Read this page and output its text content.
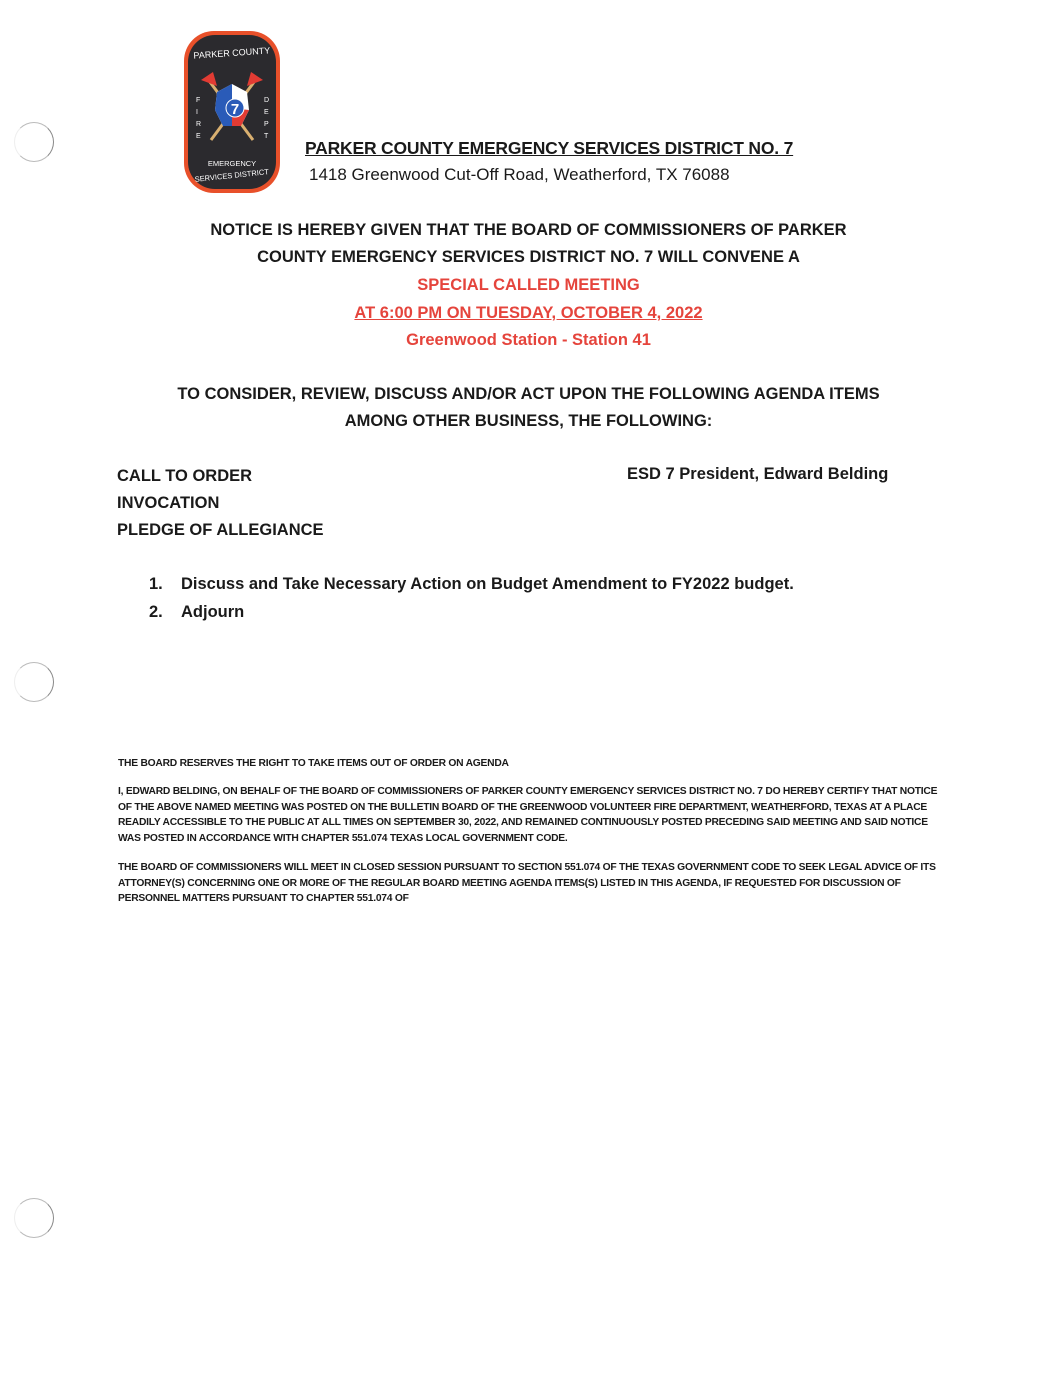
PARKER COUNTY
7
F
I
R
E
D
E
P
T
EMERGENCY
SERVICES DISTRICT
PARKER COUNTY EMERGENCY SERVICES DISTRICT NO. 7
1418 Greenwood Cut-Off Road, Weatherford, TX 76088
NOTICE IS HEREBY GIVEN THAT THE BOARD OF COMMISSIONERS OF PARKER
COUNTY EMERGENCY SERVICES DISTRICT NO. 7 WILL CONVENE A
SPECIAL CALLED MEETING
AT 6:00 PM ON TUESDAY, OCTOBER 4, 2022
Greenwood Station - Station 41
TO CONSIDER, REVIEW, DISCUSS AND/OR ACT UPON THE FOLLOWING AGENDA ITEMS
AMONG OTHER BUSINESS, THE FOLLOWING:
CALL TO ORDER
INVOCATION
PLEDGE OF ALLEGIANCE
ESD 7 President, Edward Belding
1. Discuss and Take Necessary Action on Budget Amendment to FY2022 budget.
2. Adjourn
THE BOARD RESERVES THE RIGHT TO TAKE ITEMS OUT OF ORDER ON AGENDA
I, EDWARD BELDING, ON BEHALF OF THE BOARD OF COMMISSIONERS OF PARKER COUNTY EMERGENCY SERVICES DISTRICT NO. 7 DO HEREBY CERTIFY THAT NOTICE OF THE ABOVE NAMED MEETING WAS POSTED ON THE BULLETIN BOARD OF THE GREENWOOD VOLUNTEER FIRE DEPARTMENT, WEATHERFORD, TEXAS AT A PLACE READILY ACCESSIBLE TO THE PUBLIC AT ALL TIMES ON SEPTEMBER 30, 2022, AND REMAINED CONTINUOUSLY POSTED PRECEDING SAID MEETING AND SAID NOTICE WAS POSTED IN ACCORDANCE WITH CHAPTER 551.074 TEXAS LOCAL GOVERNMENT CODE.
THE BOARD OF COMMISSIONERS WILL MEET IN CLOSED SESSION PURSUANT TO SECTION 551.074 OF THE TEXAS GOVERNMENT CODE TO SEEK LEGAL ADVICE OF ITS ATTORNEY(S) CONCERNING ONE OR MORE OF THE REGULAR BOARD MEETING AGENDA ITEMS(S) LISTED IN THIS AGENDA, IF REQUESTED FOR DISCUSSION OF PERSONNEL MATTERS PURSUANT TO CHAPTER 551.074 OF
